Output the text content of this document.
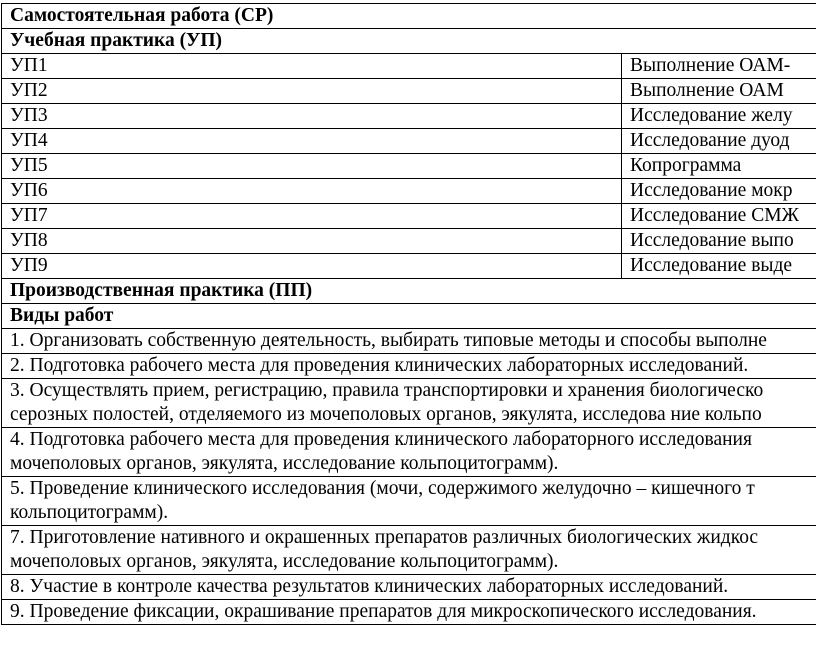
Самостоятельная работа (СР)	
Учебная практика (УП)	
УП1	Выполнение ОАМ-
УП2	Выполнение ОАМ
УП3	Исследование желу
УП4	Исследование дуод
УП5	Копрограмма
УП6	Исследование мокр
УП7	Исследование СМЖ
УП8	Исследование выпо
УП9	Исследование выде
Производственная практика (ПП)	
Виды работ	
1. Организовать собственную деятельность, выбирать типовые методы и способы выполне	
2. Подготовка рабочего места для проведения клинических лабораторных исследований.	
3. Осуществлять прием, регистрацию, правила транспортировки и хранения биологическо серозных полостей, отделяемого из мочеполовых органов, эякулята, исследова ние кольпо	
4. Подготовка рабочего места для проведения клинического лабораторного исследования мочеполовых органов, эякулята, исследование кольпоцитограмм).	
5. Проведение клинического исследования (мочи, содержимого желудочно – кишечного т кольпоцитограмм).	
7. Приготовление нативного и окрашенных препаратов различных биологических жидкос мочеполовых органов, эякулята, исследование кольпоцитограмм).	
8. Участие в контроле качества результатов клинических лабораторных исследований.	
9. Проведение фиксации, окрашивание препаратов для микроскопического исследования.	
